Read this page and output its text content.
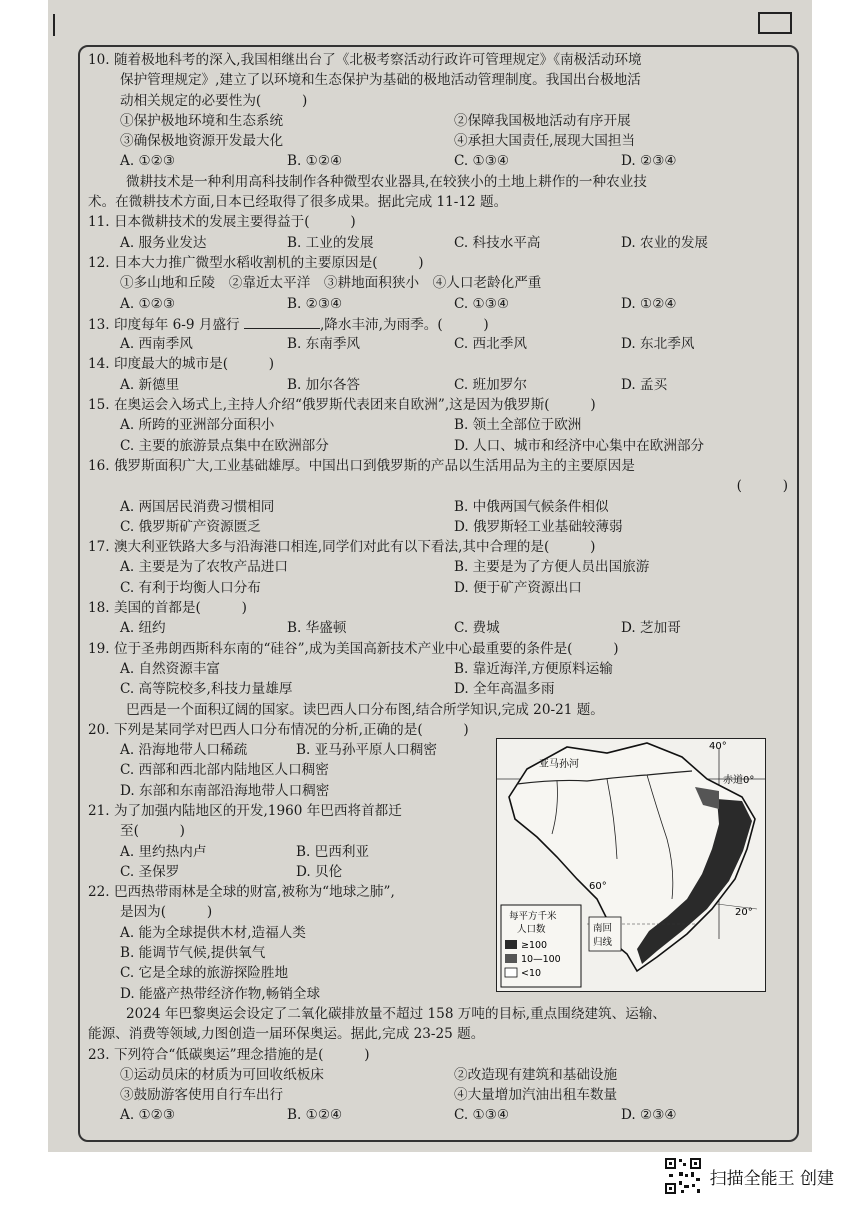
10. 随着极地科考的深入,我国相继出台了《北极考察活动行政许可管理规定》《南极活动环境
保护管理规定》,建立了以环境和生态保护为基础的极地活动管理制度。我国出台极地活
动相关规定的必要性为(　　　)
①保护极地环境和生态系统	②保障我国极地活动有序开展
③确保极地资源开发最大化	④承担大国责任,展现大国担当
A. ①②③	B. ①②④	C. ①③④	D. ②③④
微耕技术是一种利用高科技制作各种微型农业器具,在较狭小的土地上耕作的一种农业技
术。在微耕技术方面,日本已经取得了很多成果。据此完成 11-12 题。
11. 日本微耕技术的发展主要得益于(　　　)
A. 服务业发达	B. 工业的发展	C. 科技水平高	D. 农业的发展
12. 日本大力推广微型水稻收割机的主要原因是(　　　)
①多山地和丘陵　②靠近太平洋　③耕地面积狭小　④人口老龄化严重
A. ①②③	B. ②③④	C. ①③④	D. ①②④
13. 印度每年 6-9 月盛行	,降水丰沛,为雨季。(　　　)
A. 西南季风	B. 东南季风	C. 西北季风	D. 东北季风
14. 印度最大的城市是(　　　)
A. 新德里	B. 加尔各答	C. 班加罗尔	D. 孟买
15. 在奥运会入场式上,主持人介绍“俄罗斯代表团来自欧洲”,这是因为俄罗斯(　　　)
A. 所跨的亚洲部分面积小	B. 领土全部位于欧洲
C. 主要的旅游景点集中在欧洲部分	D. 人口、城市和经济中心集中在欧洲部分
16. 俄罗斯面积广大,工业基础雄厚。中国出口到俄罗斯的产品以生活用品为主的主要原因是
(　　　)
A. 两国居民消费习惯相同	B. 中俄两国气候条件相似
C. 俄罗斯矿产资源匮乏	D. 俄罗斯轻工业基础较薄弱
17. 澳大利亚铁路大多与沿海港口相连,同学们对此有以下看法,其中合理的是(　　　)
A. 主要是为了农牧产品进口	B. 主要是为了方便人员出国旅游
C. 有利于均衡人口分布	D. 便于矿产资源出口
18. 美国的首都是(　　　)
A. 纽约	B. 华盛顿	C. 费城	D. 芝加哥
19. 位于圣弗朗西斯科东南的“硅谷”,成为美国高新技术产业中心最重要的条件是(　　　)
A. 自然资源丰富	B. 靠近海洋,方便原料运输
C. 高等院校多,科技力量雄厚	D. 全年高温多雨
巴西是一个面积辽阔的国家。读巴西人口分布图,结合所学知识,完成 20-21 题。
20. 下列是某同学对巴西人口分布情况的分析,正确的是(　　　)
A. 沿海地带人口稀疏	B. 亚马孙平原人口稠密
C. 西部和西北部内陆地区人口稠密
D. 东部和东南部沿海地带人口稠密
21. 为了加强内陆地区的开发,1960 年巴西将首都迁
至(　　　)
A. 里约热内卢	B. 巴西利亚
C. 圣保罗	D. 贝伦
22. 巴西热带雨林是全球的财富,被称为“地球之肺”,
是因为(　　　)
A. 能为全球提供木材,造福人类
B. 能调节气候,提供氧气
C. 它是全球的旅游探险胜地
D. 能盛产热带经济作物,畅销全球
2024 年巴黎奥运会设定了二氧化碳排放量不超过 158 万吨的目标,重点围绕建筑、运输、
能源、消费等领域,力图创造一届环保奥运。据此,完成 23-25 题。
23. 下列符合“低碳奥运”理念措施的是(　　　)
①运动员床的材质为可回收纸板床	②改造现有建筑和基础设施
③鼓励游客使用自行车出行	④大量增加汽油出租车数量
A. ①②③	B. ①②④	C. ①③④	D. ②③④
40°
亚马孙河
赤道0°
60°
20°
每平方千米
人口数
≥100
10—100
<10
南回
归线
扫描全能王 创建
